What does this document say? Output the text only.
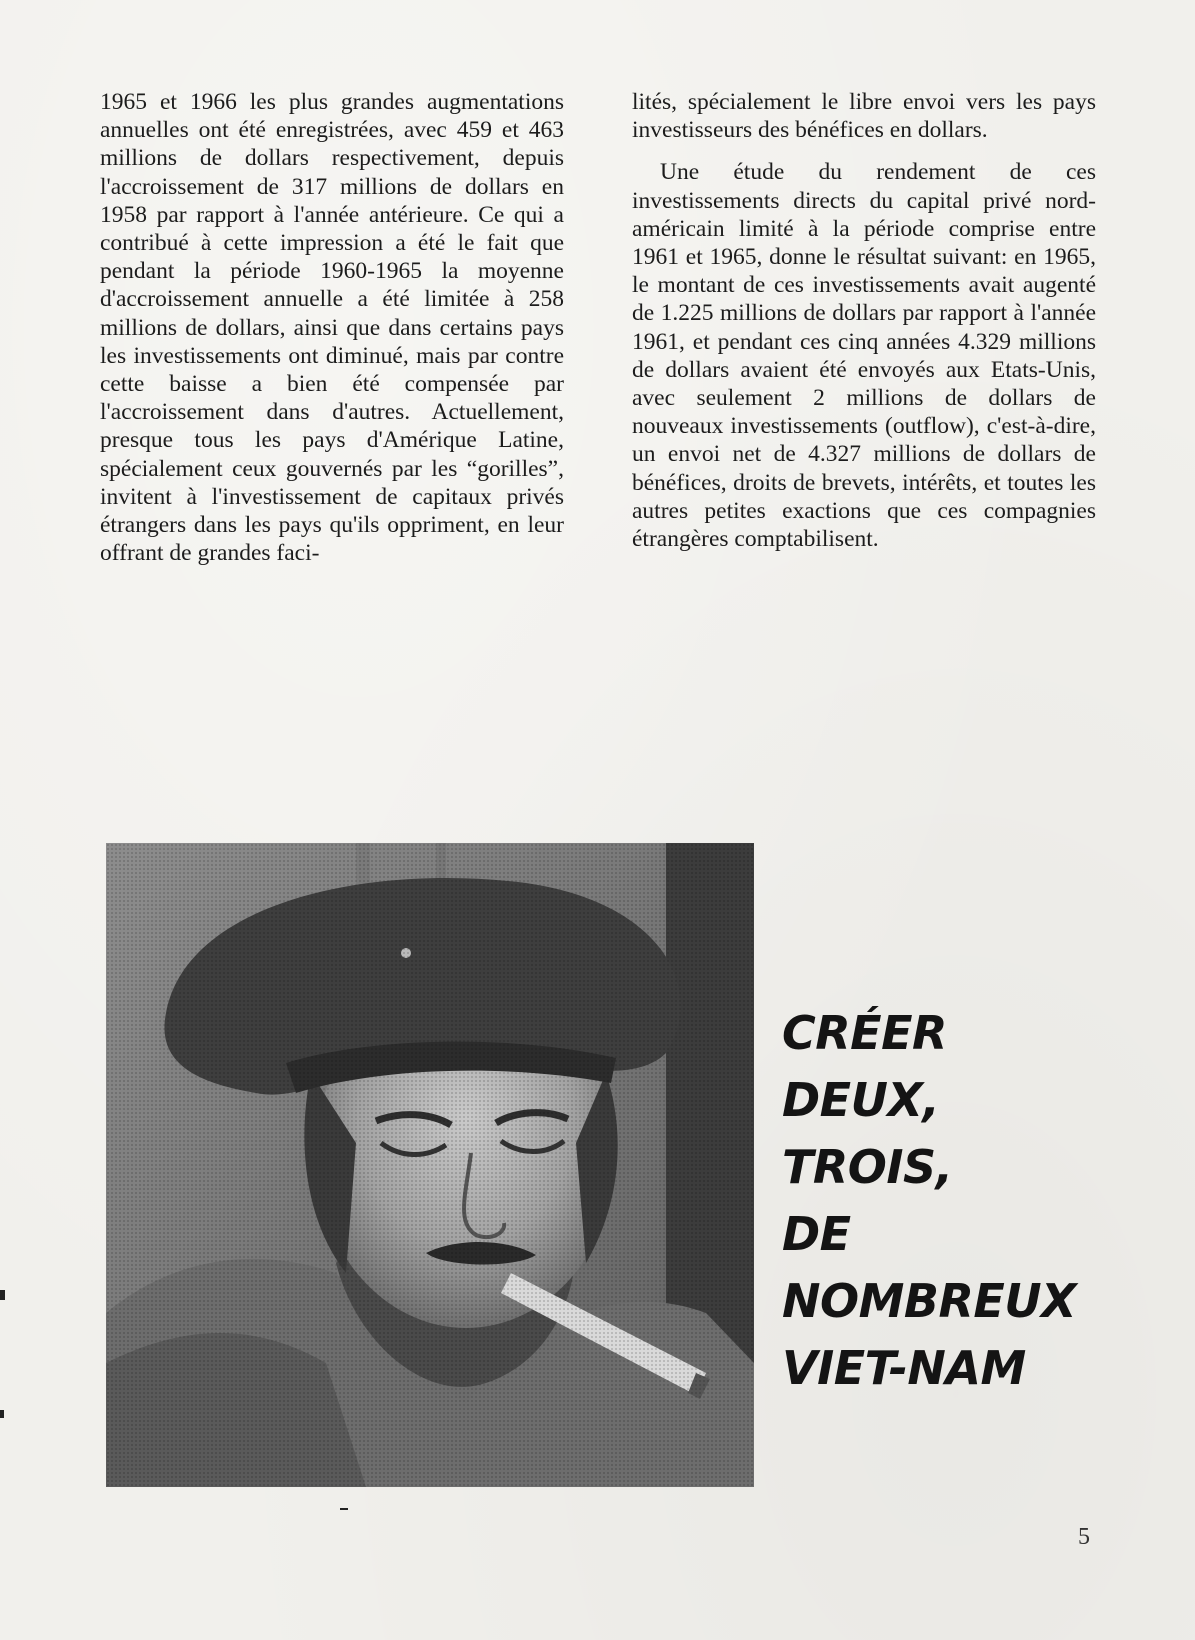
1965 et 1966 les plus grandes augmentations annuelles ont été enregistrées, avec 459 et 463 millions de dollars respectivement, depuis l'accroissement de 317 millions de dollars en 1958 par rapport à l'année antérieure. Ce qui a contribué à cette impression a été le fait que pendant la période 1960-1965 la moyenne d'accroissement annuelle a été limitée à 258 millions de dollars, ainsi que dans certains pays les investissements ont diminué, mais par contre cette baisse a bien été compensée par l'accroissement dans d'autres. Actuellement, presque tous les pays d'Amérique Latine, spécialement ceux gouvernés par les “gorilles”, invitent à l'investissement de capitaux privés étrangers dans les pays qu'ils oppriment, en leur offrant de grandes faci-

lités, spécialement le libre envoi vers les pays investisseurs des bénéfices en dollars.

Une étude du rendement de ces investissements directs du capital privé nord-américain limité à la période comprise entre 1961 et 1965, donne le résultat suivant: en 1965, le montant de ces investissements avait augenté de 1.225 millions de dollars par rapport à l'année 1961, et pendant ces cinq années 4.329 millions de dollars avaient été envoyés aux Etats-Unis, avec seulement 2 millions de dollars de nouveaux investissements (outflow), c'est-à-dire, un envoi net de 4.327 millions de dollars de bénéfices, droits de brevets, intérêts, et toutes les autres petites exactions que ces compagnies étrangères comptabilisent.

CRÉER
DEUX,
TROIS,
DE
NOMBREUX
VIET-NAM
5
